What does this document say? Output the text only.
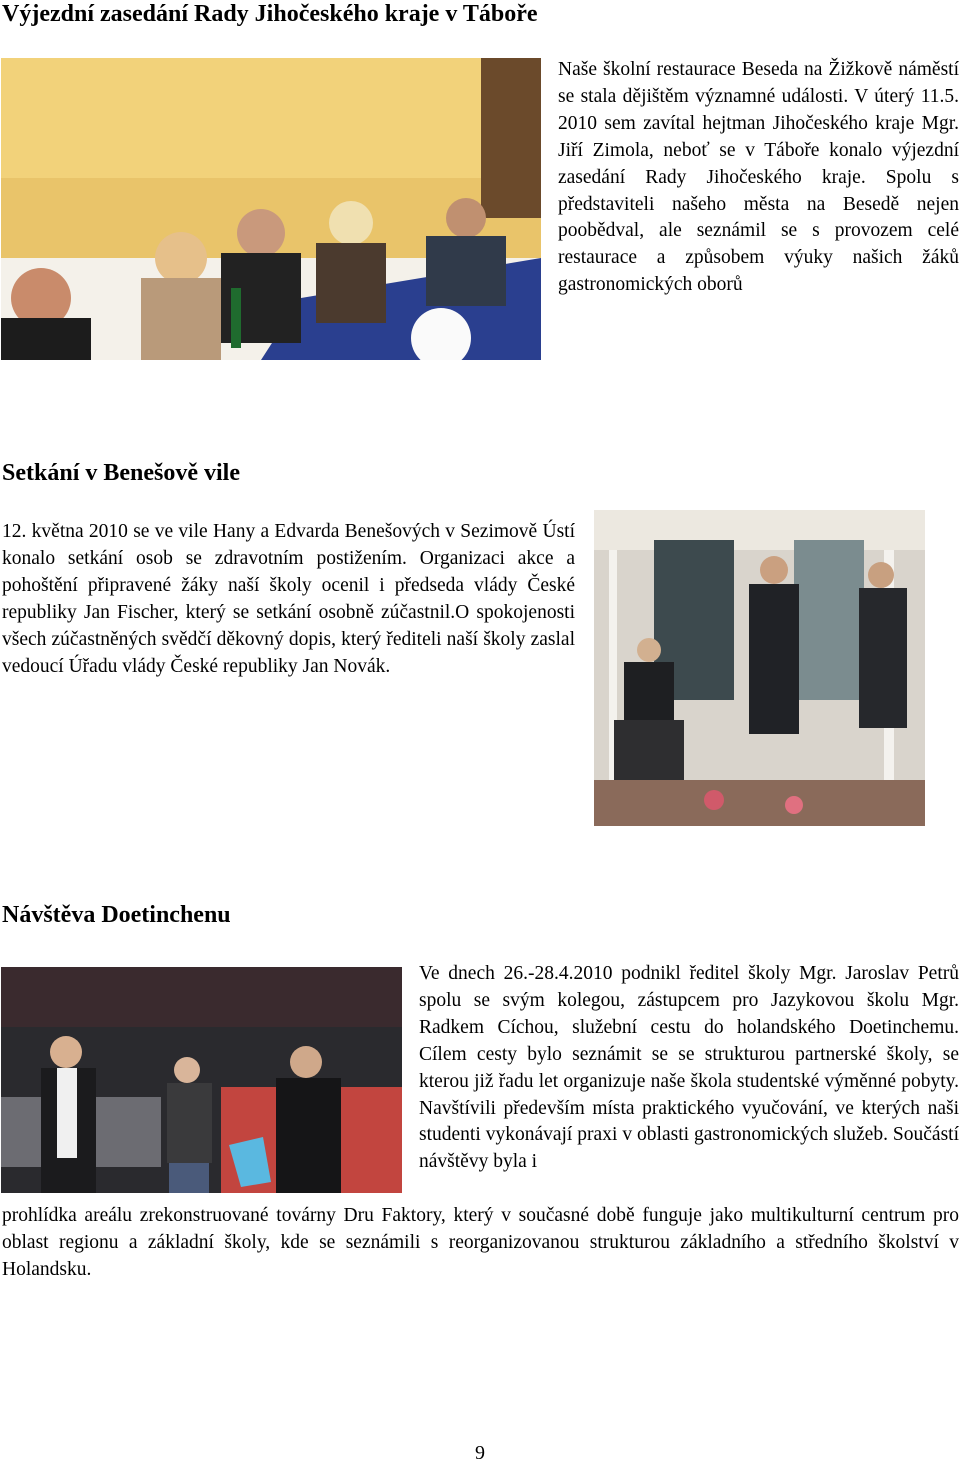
Výjezdní zasedání Rady Jihočeského kraje v Táboře

Naše školní restaurace Beseda na Žižkově náměstí se stala dějištěm významné události. V úterý 11.5. 2010 sem zavítal hejtman Jihočeského kraje Mgr. Jiří Zimola, neboť se v Táboře konalo výjezdní zasedání Rady Jihočeského kraje. Spolu s představiteli našeho města na Besedě nejen poobědval, ale seznámil se s provozem celé restaurace a způsobem výuky našich žáků gastronomických oborů

Setkání v Benešově vile

12. května 2010 se ve vile Hany a Edvarda Benešových v Sezimově Ústí konalo setkání osob se zdravotním postižením. Organizaci akce a pohoštění připravené žáky naší školy ocenil i předseda vlády České republiky Jan Fischer, který se setkání osobně zúčastnil.O spokojenosti všech zúčastněných svědčí děkovný dopis, který řediteli naší školy zaslal vedoucí Úřadu vlády České republiky Jan Novák.

Návštěva Doetinchenu

Ve dnech 26.-28.4.2010 podnikl ředitel školy Mgr. Jaroslav Petrů spolu se svým kolegou, zástupcem pro Jazykovou školu Mgr. Radkem Cíchou, služební cestu do holandského Doetinchemu. Cílem cesty bylo seznámit se se strukturou partnerské školy, se kterou již řadu let organizuje naše škola studentské výměnné pobyty. Navštívili především místa praktického vyučování, ve kterých naši studenti vykonávají praxi v oblasti gastronomických služeb. Součástí návštěvy byla i

prohlídka areálu zrekonstruované továrny Dru Faktory, který v současné době funguje jako multikulturní centrum pro oblast regionu a základní školy, kde se seznámili s reorganizovanou strukturou základního a středního školství v Holandsku.

9
